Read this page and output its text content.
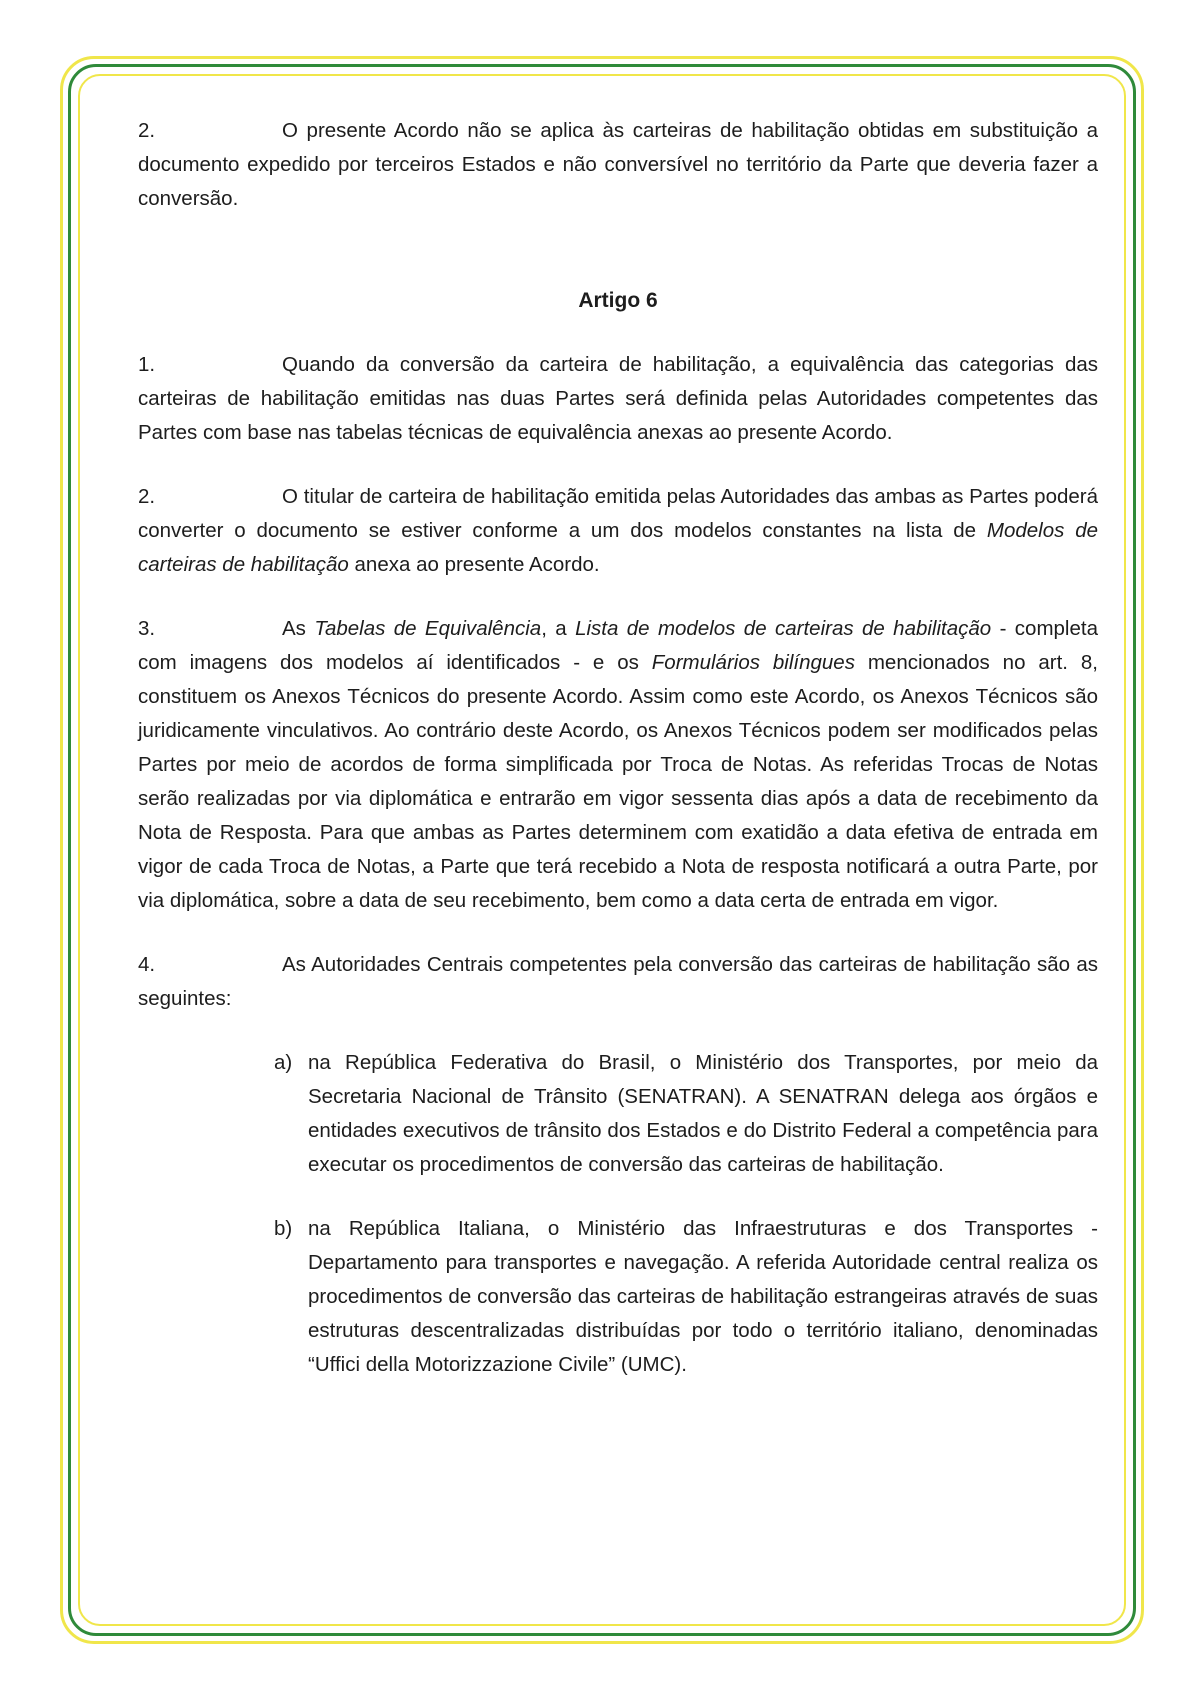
2.	O presente Acordo não se aplica às carteiras de habilitação obtidas em substituição a documento expedido por terceiros Estados e não conversível no território da Parte que deveria fazer a conversão.

Artigo 6

1.	Quando da conversão da carteira de habilitação, a equivalência das categorias das carteiras de habilitação emitidas nas duas Partes será definida pelas Autoridades competentes das Partes com base nas tabelas técnicas de equivalência anexas ao presente Acordo.

2.	O titular de carteira de habilitação emitida pelas Autoridades das ambas as Partes poderá converter o documento se estiver conforme a um dos modelos constantes na lista de Modelos de carteiras de habilitação anexa ao presente Acordo.

3.	As Tabelas de Equivalência, a Lista de modelos de carteiras de habilitação - completa com imagens dos modelos aí identificados - e os Formulários bilíngues mencionados no art. 8, constituem os Anexos Técnicos do presente Acordo. Assim como este Acordo, os Anexos Técnicos são juridicamente vinculativos. Ao contrário deste Acordo, os Anexos Técnicos podem ser modificados pelas Partes por meio de acordos de forma simplificada por Troca de Notas. As referidas Trocas de Notas serão realizadas por via diplomática e entrarão em vigor sessenta dias após a data de recebimento da Nota de Resposta. Para que ambas as Partes determinem com exatidão a data efetiva de entrada em vigor de cada Troca de Notas, a Parte que terá recebido a Nota de resposta notificará a outra Parte, por via diplomática, sobre a data de seu recebimento, bem como a data certa de entrada em vigor.

4.	As Autoridades Centrais competentes pela conversão das carteiras de habilitação são as seguintes:

a) na República Federativa do Brasil, o Ministério dos Transportes, por meio da Secretaria Nacional de Trânsito (SENATRAN). A SENATRAN delega aos órgãos e entidades executivos de trânsito dos Estados e do Distrito Federal a competência para executar os procedimentos de conversão das carteiras de habilitação.

b) na República Italiana, o Ministério das Infraestruturas e dos Transportes - Departamento para transportes e navegação. A referida Autoridade central realiza os procedimentos de conversão das carteiras de habilitação estrangeiras através de suas estruturas descentralizadas distribuídas por todo o território italiano, denominadas “Uffici della Motorizzazione Civile” (UMC).
